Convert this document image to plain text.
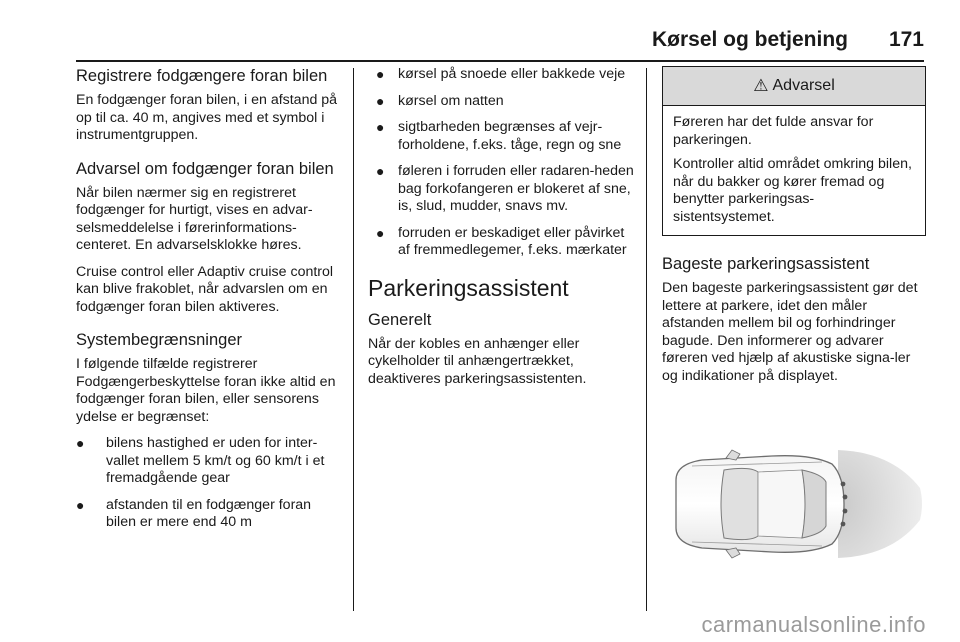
Kørsel og betjening 171
Registrere fodgængere foran bilen

En fodgænger foran bilen, i en afstand på op til ca. 40 m, angives med et symbol i instrumentgruppen.

Advarsel om fodgænger foran bilen

Når bilen nærmer sig en registreret fodgænger for hurtigt, vises en advar-selsmeddelelse i førerinformations-centeret. En advarselsklokke høres.

Cruise control eller Adaptiv cruise control kan blive frakoblet, når advarslen om en fodgænger foran bilen aktiveres.

Systembegrænsninger

I følgende tilfælde registrerer Fodgængerbeskyttelse foran ikke altid en fodgænger foran bilen, eller sensorens ydelse er begrænset:

● bilens hastighed er uden for inter-vallet mellem 5 km/t og 60 km/t i et fremadgående gear
● afstanden til en fodgænger foran bilen er mere end 40 m
● kørsel på snoede eller bakkede veje
● kørsel om natten
● sigtbarheden begrænses af vejr-forholdene, f.eks. tåge, regn og sne
● føleren i forruden eller radaren-heden bag forkofangeren er blokeret af sne, is, slud, mudder, snavs mv.
● forruden er beskadiget eller påvirket af fremmedlegemer, f.eks. mærkater
Parkeringsassistent
Generelt

Når der kobles en anhænger eller cykelholder til anhængertrækket, deaktiveres parkeringsassistenten.

⚠ Advarsel

Føreren har det fulde ansvar for parkeringen.

Kontroller altid området omkring bilen, når du bakker og kører fremad og benytter parkeringsas-sistentsystemet.

Bageste parkeringsassistent

Den bageste parkeringsassistent gør det lettere at parkere, idet den måler afstanden mellem bil og forhindringer bagude. Den informerer og advarer føreren ved hjælp af akustiske signa-ler og indikationer på displayet.

carmanualsonline.info
